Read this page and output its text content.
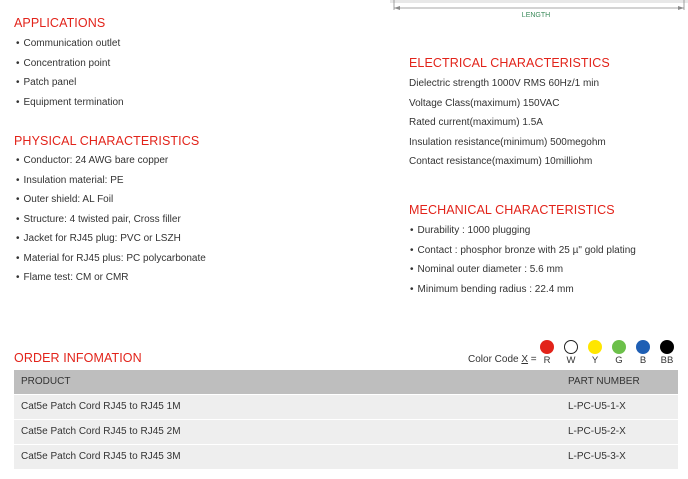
LENGTH
APPLICATIONS
• Communication outlet
• Concentration point
• Patch panel
• Equipment termination
PHYSICAL CHARACTERISTICS
• Conductor: 24 AWG bare copper
• Insulation material: PE
• Outer shield: AL Foil
• Structure: 4 twisted pair, Cross filler
• Jacket for RJ45 plug: PVC or LSZH
• Material for RJ45 plus: PC polycarbonate
• Flame test: CM or CMR
ELECTRICAL CHARACTERISTICS
Dielectric strength 1000V RMS 60Hz/1 min
Voltage Class(maximum) 150VAC
Rated current(maximum) 1.5A
Insulation resistance(minimum) 500megohm
Contact resistance(maximum) 10milliohm
MECHANICAL CHARACTERISTICS
• Durability : 1000 plugging
• Contact : phosphor bronze with 25 µ" gold plating
• Nominal outer diameter : 5.6 mm
• Minimum bending radius : 22.4 mm
ORDER INFOMATION	Color Code X = R	W	Y	G	B	BB
PRODUCT	PART NUMBER
Cat5e Patch Cord RJ45 to RJ45 1M	L-PC-U5-1-X
Cat5e Patch Cord RJ45 to RJ45 2M	L-PC-U5-2-X
Cat5e Patch Cord RJ45 to RJ45 3M	L-PC-U5-3-X
